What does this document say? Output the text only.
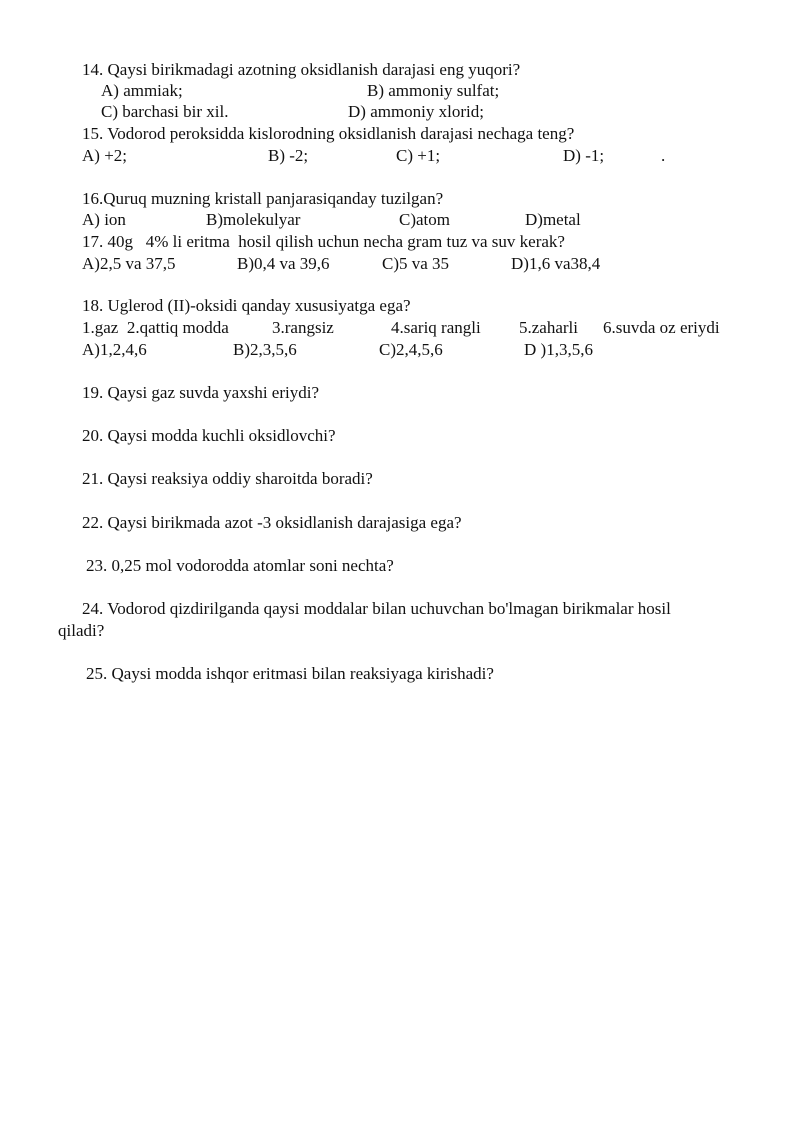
14. Qaysi birikmadagi azotning oksidlanish darajasi eng yuqori?
A) ammiak;	B) ammoniy sulfat;
C) barchasi bir xil.	D) ammoniy xlorid;
15. Vodorod peroksidda kislorodning oksidlanish darajasi nechaga teng?
A) +2;	B) -2;	C) +1;	D) -1;	.
16.Quruq muzning kristall panjarasiqanday tuzilgan?
A) ion	B)molekulyar	C)atom	D)metal
17. 40g   4% li eritma  hosil qilish uchun necha gram tuz va suv kerak?
A)2,5 va 37,5	B)0,4 va 39,6	C)5 va 35	D)1,6 va38,4
18. Uglerod (II)-oksidi qanday xususiyatga ega?
1.gaz  2.qattiq modda	3.rangsiz	4.sariq rangli 5.zaharli 6.suvda oz eriydi
A)1,2,4,6	B)2,3,5,6	C)2,4,5,6	D )1,3,5,6
19. Qaysi gaz suvda yaxshi eriydi?
20. Qaysi modda kuchli oksidlovchi?
21. Qaysi reaksiya oddiy sharoitda boradi?
22. Qaysi birikmada azot -3 oksidlanish darajasiga ega?
23. 0,25 mol vodorodda atomlar soni nechta?
24. Vodorod qizdirilganda qaysi moddalar bilan uchuvchan bo'lmagan birikmalar hosil
qiladi?
25. Qaysi modda ishqor eritmasi bilan reaksiyaga kirishadi?
